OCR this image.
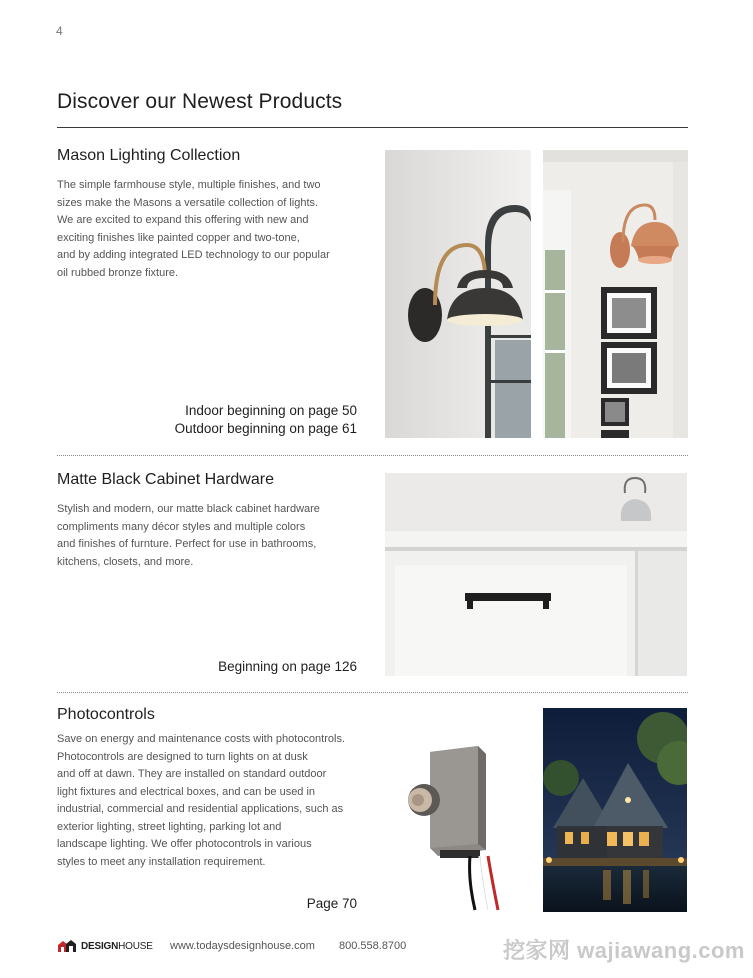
4
Discover our Newest Products
Mason Lighting Collection
The simple farmhouse style, multiple finishes, and two
sizes make the Masons a versatile collection of lights.
We are excited to expand this offering with new and
exciting finishes like painted copper and two-tone,
and by adding integrated LED technology to our popular
oil rubbed bronze fixture.
Indoor beginning on page 50
Outdoor beginning on page 61
Matte Black Cabinet Hardware
Stylish and modern, our matte black cabinet hardware
compliments many décor styles and multiple colors
and finishes of furnture. Perfect for use in bathrooms,
kitchens, closets, and more.
Beginning on page 126
Photocontrols
Save on energy and maintenance costs with photocontrols.
Photocontrols are designed to turn lights on at dusk
and off at dawn. They are installed on standard outdoor
light fixtures and electrical boxes, and can be used in
industrial, commercial and residential applications, such as
exterior lighting, street lighting, parking lot and
landscape lighting. We offer photocontrols in various
styles to meet any installation requirement.
Page 70
DESIGNHOUSE www.todaysdesignhouse.com 800.558.8700	挖家网 wajiawang.com
